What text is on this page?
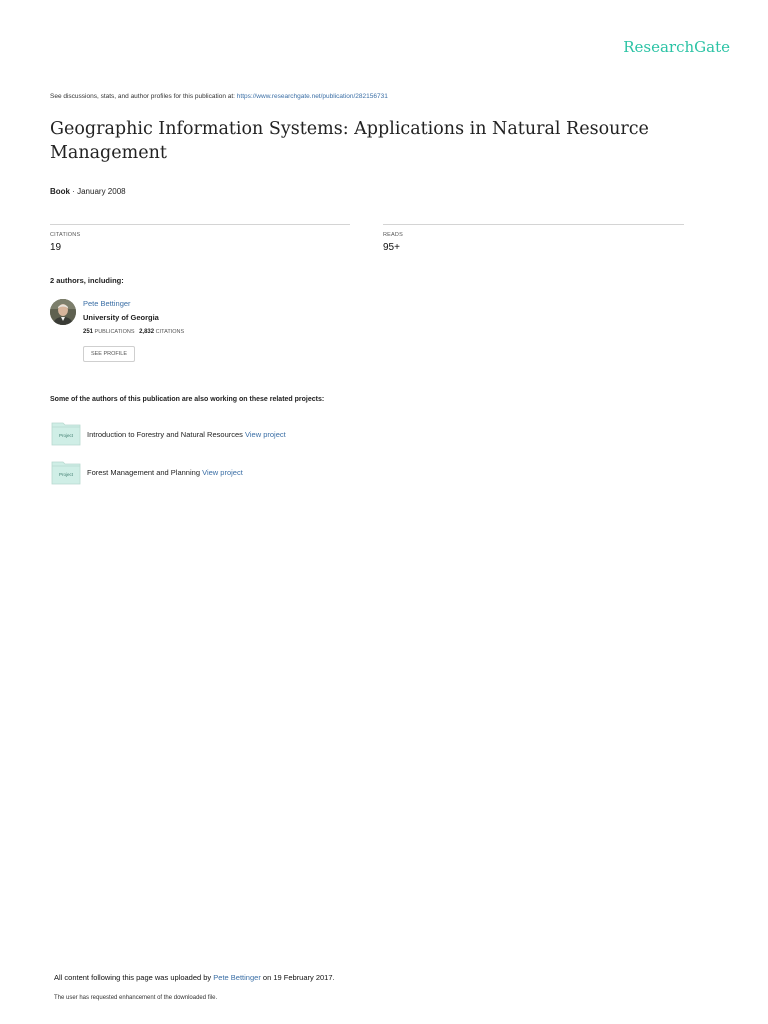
ResearchGate
See discussions, stats, and author profiles for this publication at: https://www.researchgate.net/publication/282156731
Geographic Information Systems: Applications in Natural Resource Management
Book · January 2008
CITATIONS
19
READS
95+
2 authors, including:
Pete Bettinger
University of Georgia
251 PUBLICATIONS 2,832 CITATIONS
SEE PROFILE
Some of the authors of this publication are also working on these related projects:
Project Introduction to Forestry and Natural Resources View project
Project Forest Management and Planning View project
All content following this page was uploaded by Pete Bettinger on 19 February 2017.
The user has requested enhancement of the downloaded file.
